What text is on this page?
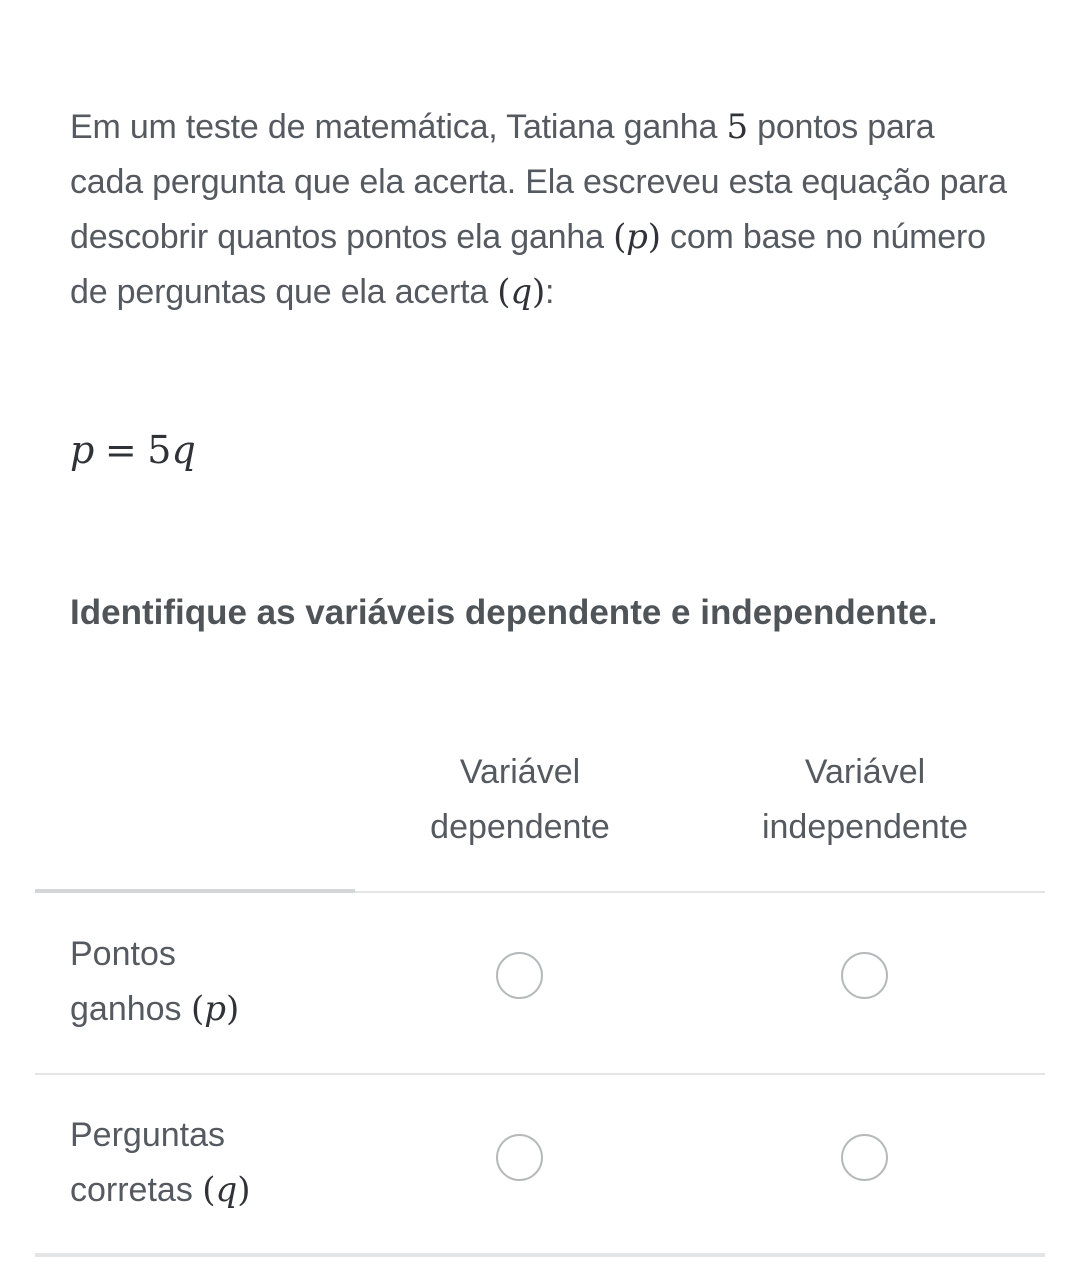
Em um teste de matemática, Tatiana ganha 5 pontos para cada pergunta que ela acerta. Ela escreveu esta equação para descobrir quantos pontos ela ganha (p) com base no número de perguntas que ela acerta (q):
p = 5q
Identifique as variáveis dependente e independente.
Variável
dependente
Variável
independente
Pontos
ganhos (p)
Perguntas
corretas (q)
